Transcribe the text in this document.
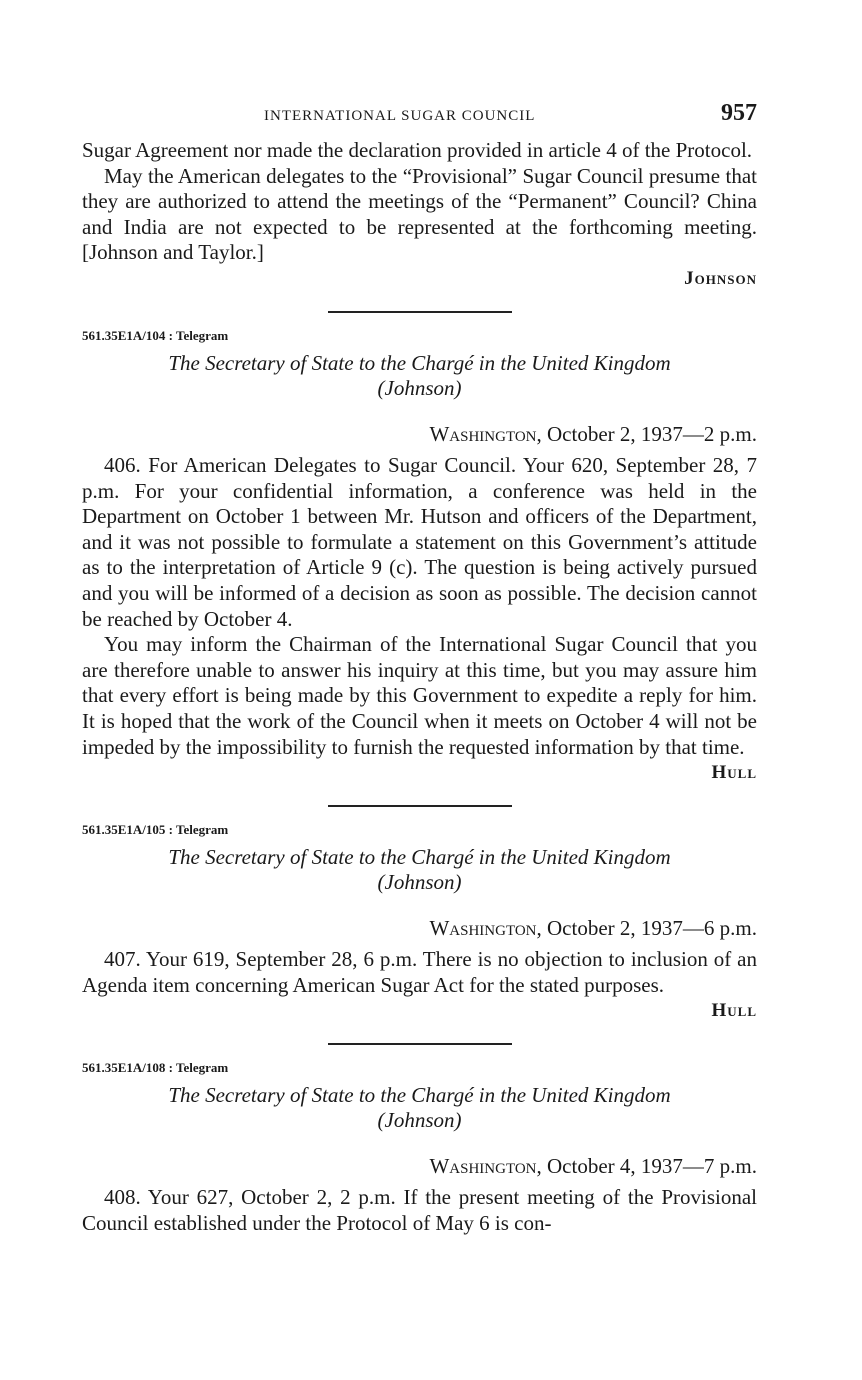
INTERNATIONAL SUGAR COUNCIL	957

Sugar Agreement nor made the declaration provided in article 4 of the Protocol.

May the American delegates to the “Provisional” Sugar Council presume that they are authorized to attend the meetings of the “Permanent” Council? China and India are not expected to be represented at the forthcoming meeting. [Johnson and Taylor.]

Johnson
561.35E1A/104 : Telegram
The Secretary of State to the Chargé in the United Kingdom
(Johnson)
Washington, October 2, 1937—2 p.m.

406. For American Delegates to Sugar Council. Your 620, September 28, 7 p.m. For your confidential information, a conference was held in the Department on October 1 between Mr. Hutson and officers of the Department, and it was not possible to formulate a statement on this Government’s attitude as to the interpretation of Article 9 (c). The question is being actively pursued and you will be informed of a decision as soon as possible. The decision cannot be reached by October 4.

You may inform the Chairman of the International Sugar Council that you are therefore unable to answer his inquiry at this time, but you may assure him that every effort is being made by this Government to expedite a reply for him. It is hoped that the work of the Council when it meets on October 4 will not be impeded by the impossibility to furnish the requested information by that time.

Hull
561.35E1A/105 : Telegram
The Secretary of State to the Chargé in the United Kingdom
(Johnson)
Washington, October 2, 1937—6 p.m.

407. Your 619, September 28, 6 p.m. There is no objection to inclusion of an Agenda item concerning American Sugar Act for the stated purposes.

Hull
561.35E1A/108 : Telegram
The Secretary of State to the Chargé in the United Kingdom
(Johnson)
Washington, October 4, 1937—7 p.m.

408. Your 627, October 2, 2 p.m. If the present meeting of the Provisional Council established under the Protocol of May 6 is con-
